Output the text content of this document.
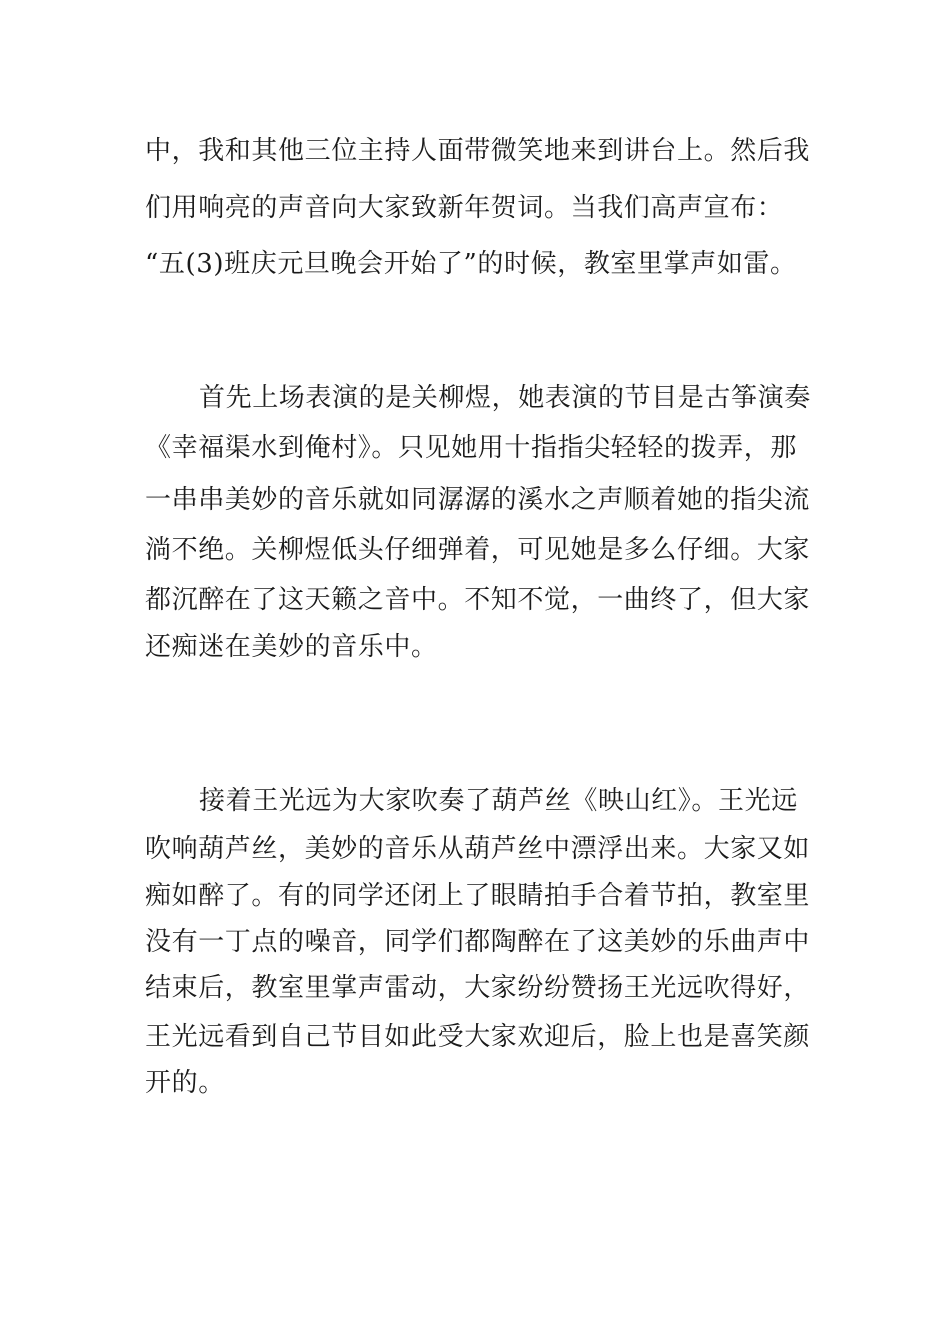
中，我和其他三位主持人面带微笑地来到讲台上。然后我
们用响亮的声音向大家致新年贺词。当我们高声宣布：
“五(3)班庆元旦晚会开始了”的时候，教室里掌声如雷。
首先上场表演的是关柳煜，她表演的节目是古筝演奏
《幸福渠水到俺村》。只见她用十指指尖轻轻的拨弄，那
一串串美妙的音乐就如同潺潺的溪水之声顺着她的指尖流
淌不绝。关柳煜低头仔细弹着，可见她是多么仔细。大家
都沉醉在了这天籁之音中。不知不觉，一曲终了，但大家
还痴迷在美妙的音乐中。
接着王光远为大家吹奏了葫芦丝《映山红》。王光远
吹响葫芦丝，美妙的音乐从葫芦丝中漂浮出来。大家又如
痴如醉了。有的同学还闭上了眼睛拍手合着节拍，教室里
没有一丁点的噪音，同学们都陶醉在了这美妙的乐曲声中
结束后，教室里掌声雷动，大家纷纷赞扬王光远吹得好，
王光远看到自己节目如此受大家欢迎后，脸上也是喜笑颜
开的。
